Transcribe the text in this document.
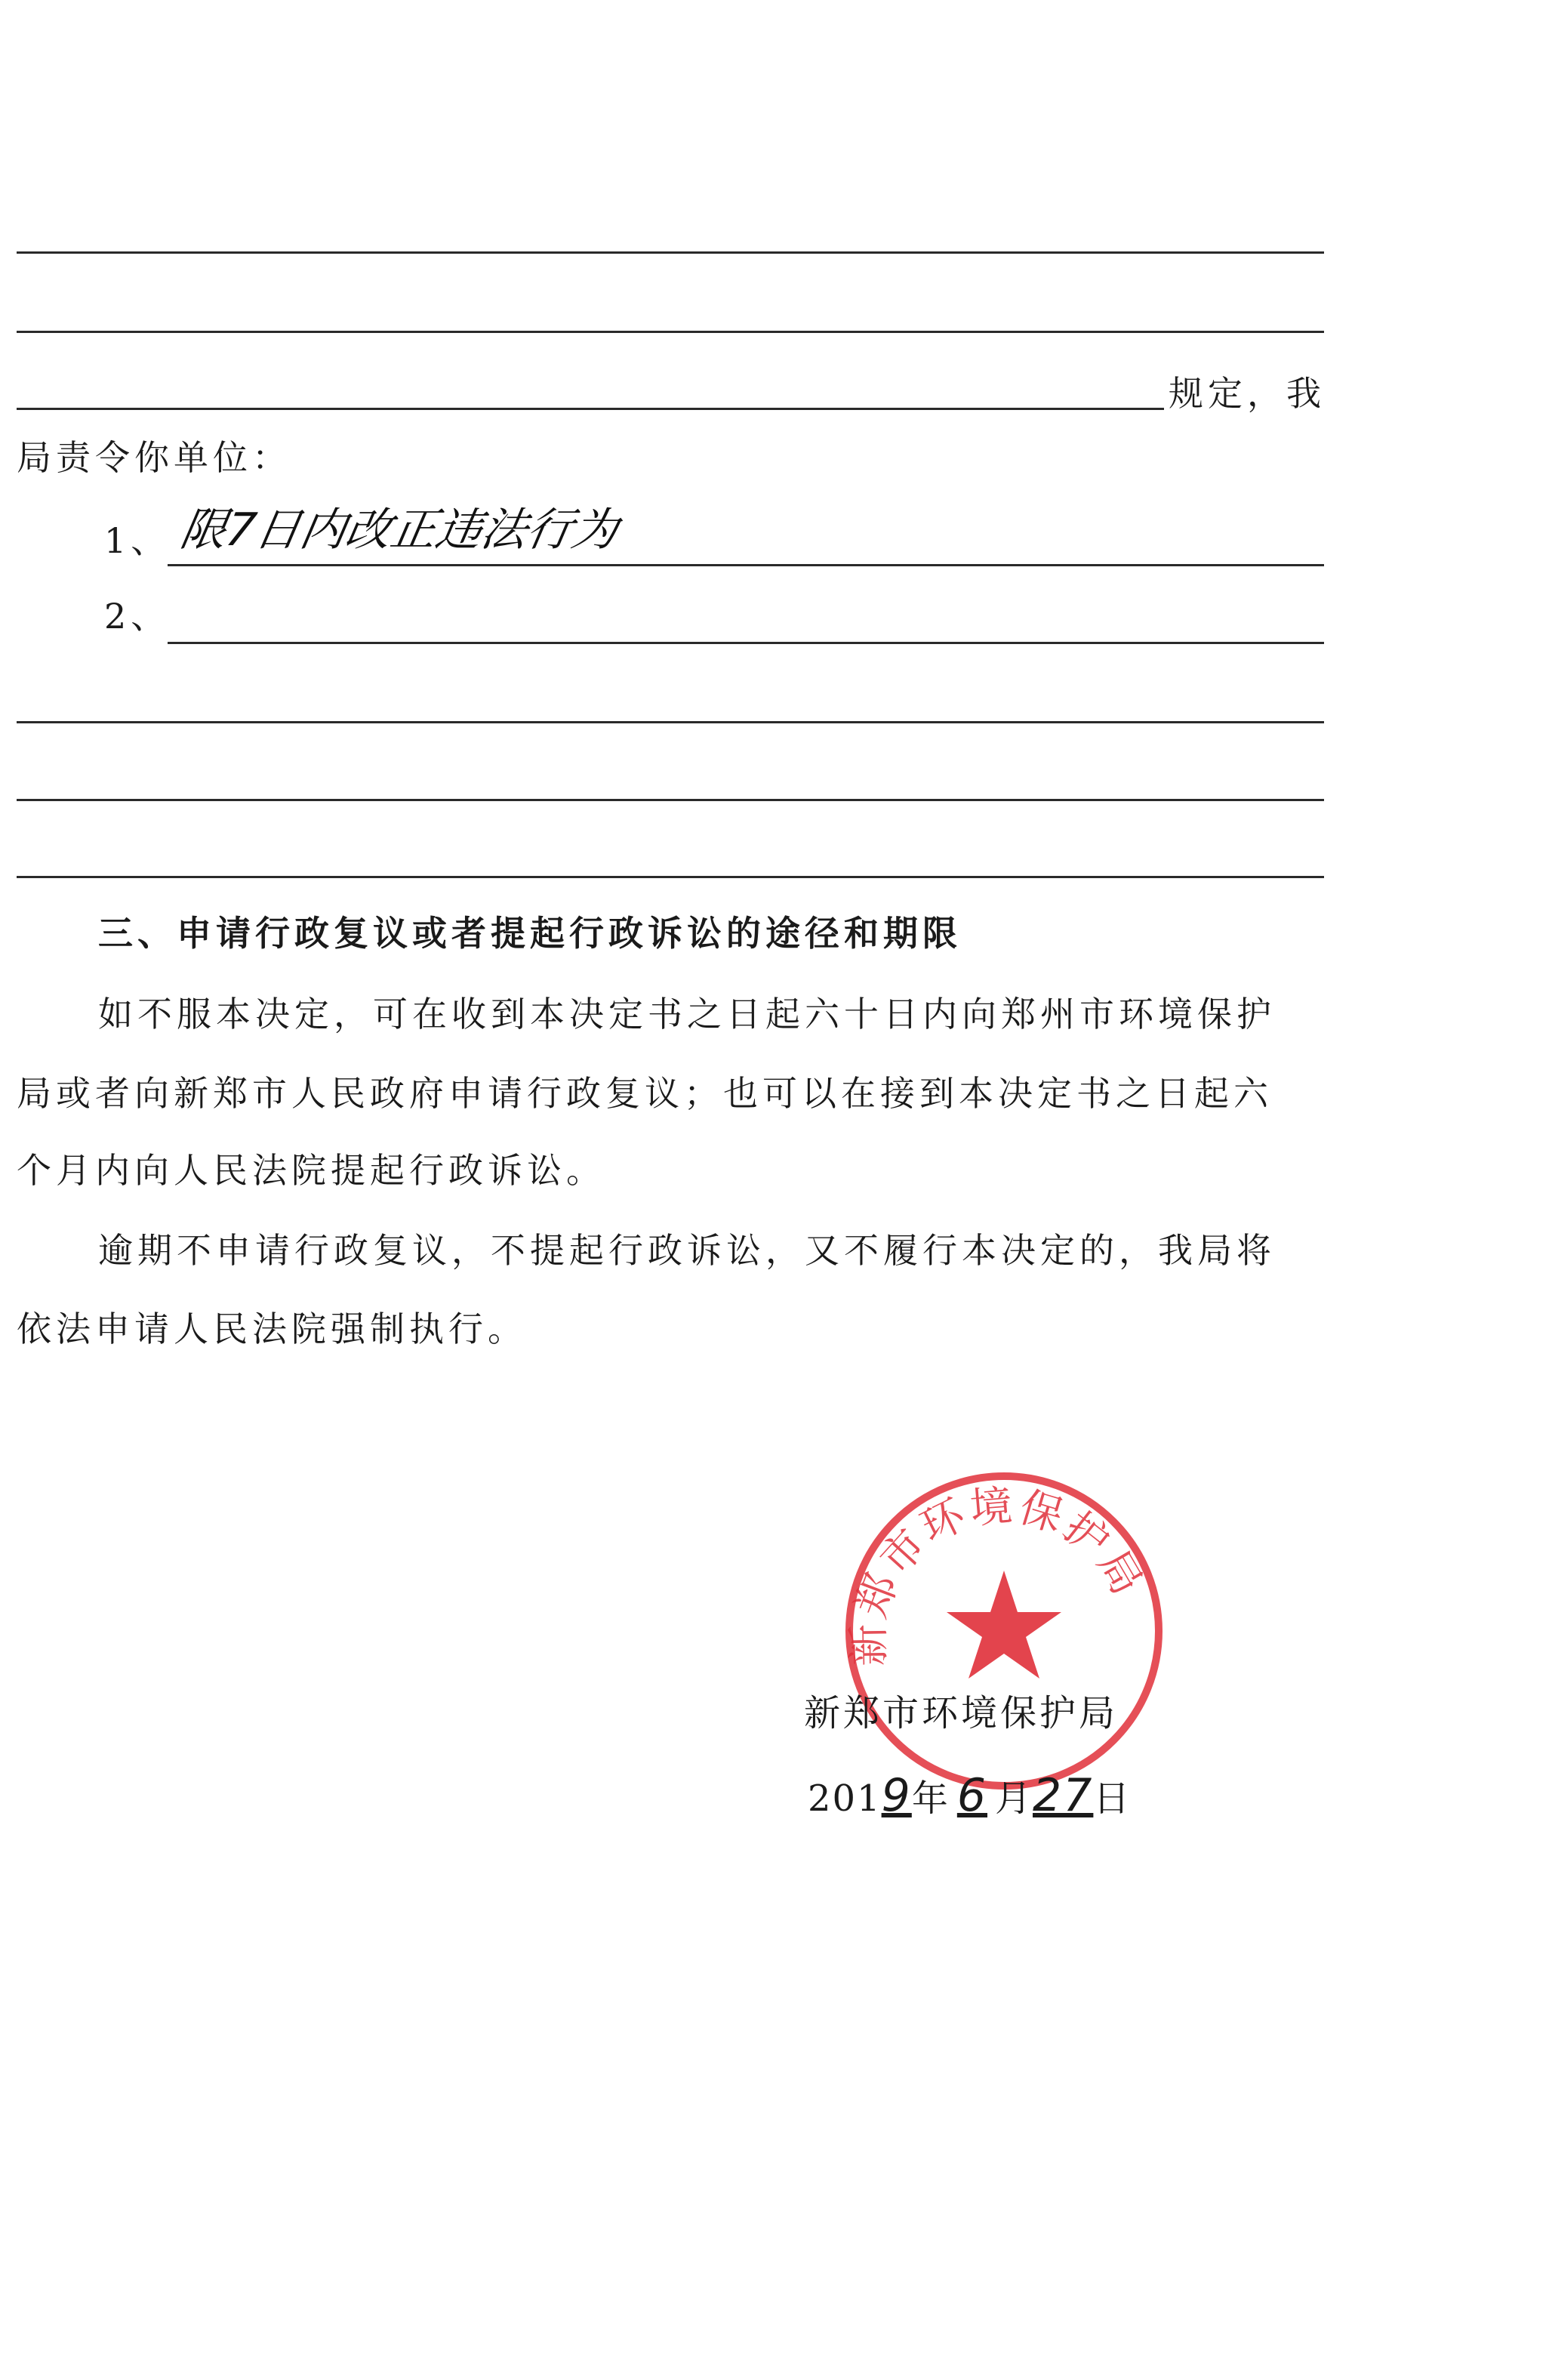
规定，我
局责令你单位：
1、 限7日内改正违法行为
2、
三、申请行政复议或者提起行政诉讼的途径和期限
如不服本决定，可在收到本决定书之日起六十日内向郑州市环境保护
局或者向新郑市人民政府申请行政复议；也可以在接到本决定书之日起六
个月内向人民法院提起行政诉讼。
逾期不申请行政复议，不提起行政诉讼，又不履行本决定的，我局将
依法申请人民法院强制执行。
新郑市环境保护局
新郑市环境保护局
2019年 6 月27日
